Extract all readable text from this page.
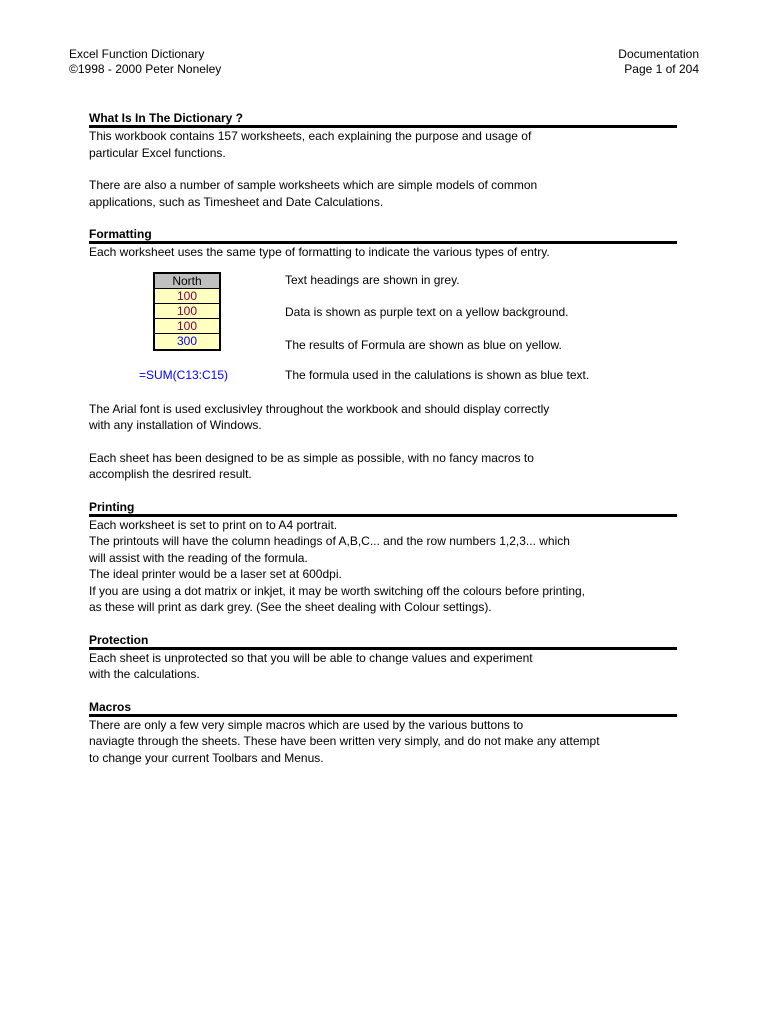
Excel Function Dictionary
©1998 - 2000 Peter Noneley
Documentation
Page 1 of 204
What Is In The Dictionary ?

This workbook contains 157 worksheets, each explaining the purpose and usage of

particular Excel functions.

There are also a number of sample worksheets which are simple models of common

applications, such as Timesheet and Date Calculations.

Formatting

Each worksheet uses the same type of formatting to indicate the various types of entry.

North
100
100
100
300
Text headings are shown in grey.
Data is shown as purple text on a yellow background.
The results of Formula are shown as blue on yellow.
=SUM(C13:C15)	The formula used in the calulations is shown as blue text.

The Arial font is used exclusivley throughout the workbook and should display correctly

with any installation of Windows.

Each sheet has been designed to be as simple as possible, with no fancy macros to

accomplish the desrired result.

Printing

Each worksheet is set to print on to A4 portrait.

The printouts will have the column headings of A,B,C... and the row numbers 1,2,3... which

will assist with the reading of the formula.

The ideal printer would be a laser set at 600dpi.

If you are using a dot matrix or inkjet, it may be worth switching off the colours before printing,

as these will print as dark grey. (See the sheet dealing with Colour settings).

Protection

Each sheet is unprotected so that you will be able to change values and experiment

with the calculations.

Macros

There are only a few very simple macros which are used by the various buttons to

naviagte through the sheets. These have been written very simply, and do not make any attempt

to change your current Toolbars and Menus.
